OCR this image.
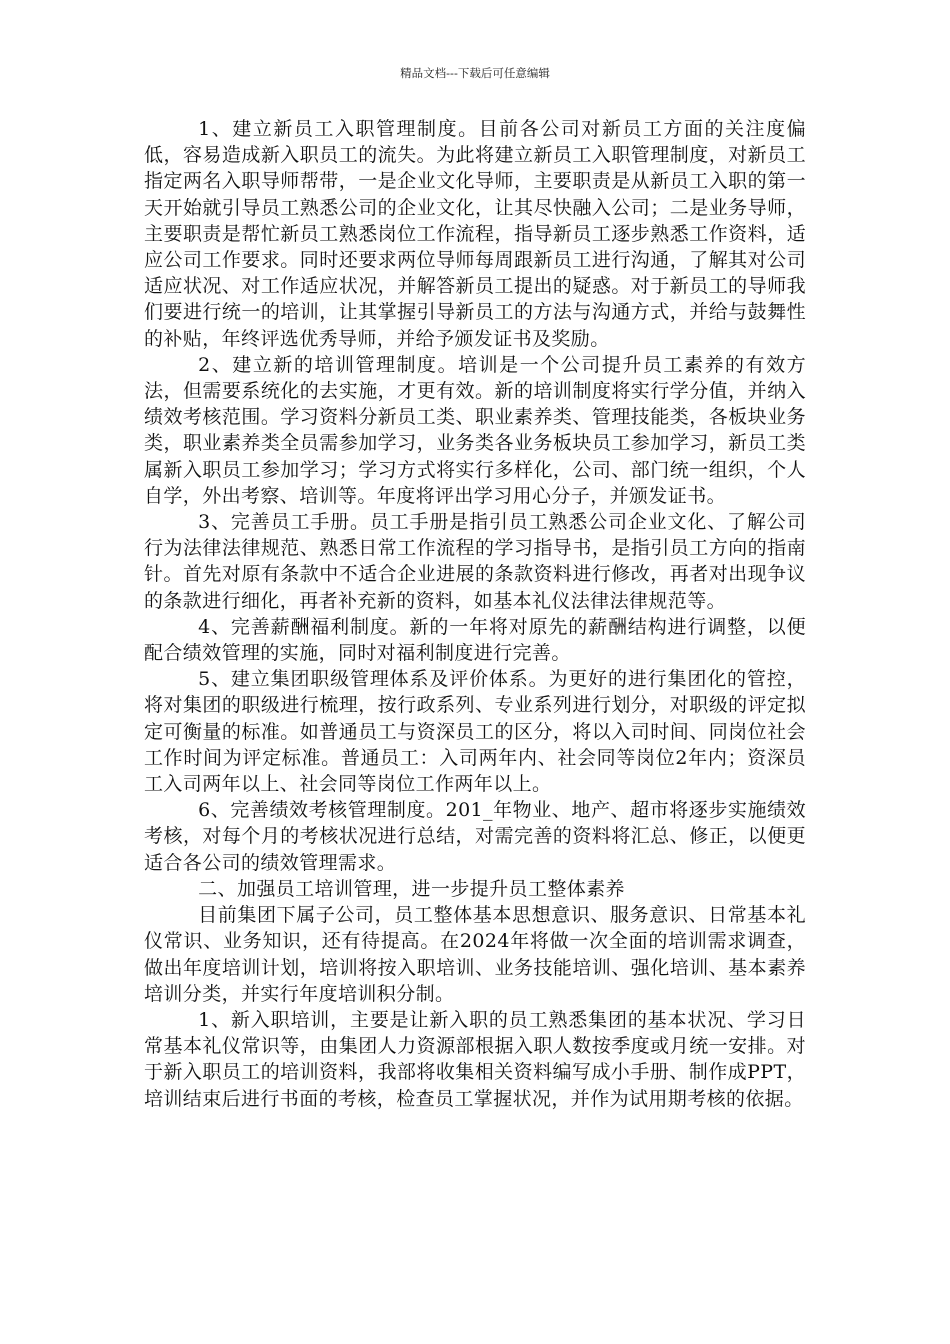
精品文档---下载后可任意编辑

1、建立新员工入职管理制度。目前各公司对新员工方面的关注度偏低，容易造成新入职员工的流失。为此将建立新员工入职管理制度，对新员工指定两名入职导师帮带，一是企业文化导师，主要职责是从新员工入职的第一天开始就引导员工熟悉公司的企业文化，让其尽快融入公司；二是业务导师，主要职责是帮忙新员工熟悉岗位工作流程，指导新员工逐步熟悉工作资料，适应公司工作要求。同时还要求两位导师每周跟新员工进行沟通，了解其对公司适应状况、对工作适应状况，并解答新员工提出的疑惑。对于新员工的导师我们要进行统一的培训，让其掌握引导新员工的方法与沟通方式，并给与鼓舞性的补贴，年终评选优秀导师，并给予颁发证书及奖励。

2、建立新的培训管理制度。培训是一个公司提升员工素养的有效方法，但需要系统化的去实施，才更有效。新的培训制度将实行学分值，并纳入绩效考核范围。学习资料分新员工类、职业素养类、管理技能类，各板块业务类，职业素养类全员需参加学习，业务类各业务板块员工参加学习，新员工类属新入职员工参加学习；学习方式将实行多样化，公司、部门统一组织，个人自学，外出考察、培训等。年度将评出学习用心分子，并颁发证书。

3、完善员工手册。员工手册是指引员工熟悉公司企业文化、了解公司行为法律法律规范、熟悉日常工作流程的学习指导书，是指引员工方向的指南针。首先对原有条款中不适合企业进展的条款资料进行修改，再者对出现争议的条款进行细化，再者补充新的资料，如基本礼仪法律法律规范等。

4、完善薪酬福利制度。新的一年将对原先的薪酬结构进行调整，以便配合绩效管理的实施，同时对福利制度进行完善。

5、建立集团职级管理体系及评价体系。为更好的进行集团化的管控，将对集团的职级进行梳理，按行政系列、专业系列进行划分，对职级的评定拟定可衡量的标准。如普通员工与资深员工的区分，将以入司时间、同岗位社会工作时间为评定标准。普通员工：入司两年内、社会同等岗位2年内；资深员工入司两年以上、社会同等岗位工作两年以上。

6、完善绩效考核管理制度。201_年物业、地产、超市将逐步实施绩效考核，对每个月的考核状况进行总结，对需完善的资料将汇总、修正，以便更适合各公司的绩效管理需求。

二、加强员工培训管理，进一步提升员工整体素养

目前集团下属子公司，员工整体基本思想意识、服务意识、日常基本礼仪常识、业务知识，还有待提高。在2024年将做一次全面的培训需求调查，做出年度培训计划，培训将按入职培训、业务技能培训、强化培训、基本素养培训分类，并实行年度培训积分制。

1、新入职培训，主要是让新入职的员工熟悉集团的基本状况、学习日常基本礼仪常识等，由集团人力资源部根据入职人数按季度或月统一安排。对于新入职员工的培训资料，我部将收集相关资料编写成小手册、制作成PPT，培训结束后进行书面的考核，检查员工掌握状况，并作为试用期考核的依据。
